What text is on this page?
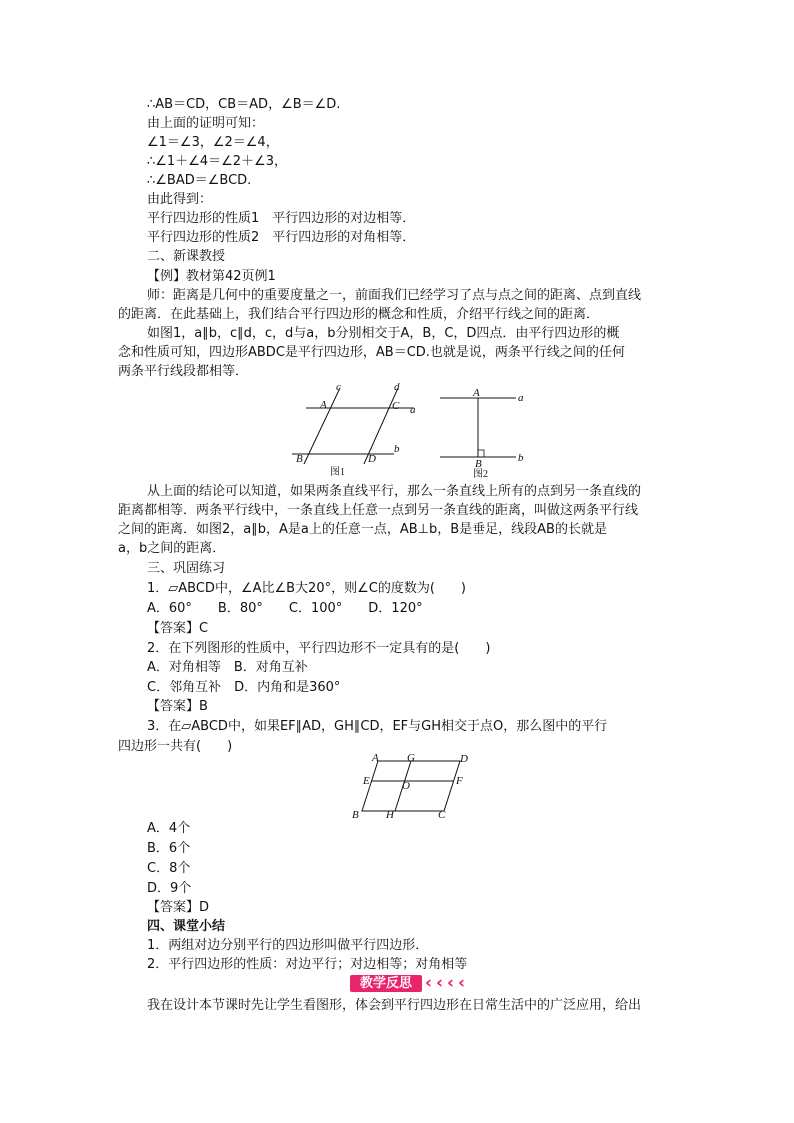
∴AB＝CD，CB＝AD，∠B＝∠D.
由上面的证明可知：
∠1＝∠3，∠2＝∠4，
∴∠1＋∠4＝∠2＋∠3，
∴∠BAD＝∠BCD.
由此得到：
平行四边形的性质1　平行四边形的对边相等．
平行四边形的性质2　平行四边形的对角相等．
二、新课教授
【例】教材第42页例1
师：距离是几何中的重要度量之一，前面我们已经学习了点与点之间的距离、点到直线
的距离．在此基础上，我们结合平行四边形的概念和性质，介绍平行线之间的距离．
如图1，a∥b，c∥d，c，d与a，b分别相交于A，B，C，D四点．由平行四边形的概
念和性质可知，四边形ABDC是平行四边形，AB＝CD.也就是说，两条平行线之间的任何
两条平行线段都相等．
c	d
A	C a
b
B	D
图1
A	a
B	b
图2
从上面的结论可以知道，如果两条直线平行，那么一条直线上所有的点到另一条直线的
距离都相等．两条平行线中，一条直线上任意一点到另一条直线的距离，叫做这两条平行线
之间的距离．如图2，a∥b，A是a上的任意一点，AB⊥b，B是垂足，线段AB的长就是
a，b之间的距离．
三、巩固练习
1．▱ABCD中，∠A比∠B大20°，则∠C的度数为(　　)
A．60°　　B．80°　　C．100°　　D．120°
【答案】C
2．在下列图形的性质中，平行四边形不一定具有的是(　　)
A．对角相等　B．对角互补
C．邻角互补　D．内角和是360°
【答案】B
3．在▱ABCD中，如果EF∥AD，GH∥CD，EF与GH相交于点O，那么图中的平行
四边形一共有(　　)
A	G	D
E	O	F
B H	C
A．4个
B．6个
C．8个
D．9个
【答案】D
四、课堂小结
1．两组对边分别平行的四边形叫做平行四边形．
2．平行四边形的性质：对边平行；对边相等；对角相等
教学反思 ‹ ‹ ‹ ‹
我在设计本节课时先让学生看图形，体会到平行四边形在日常生活中的广泛应用，给出
